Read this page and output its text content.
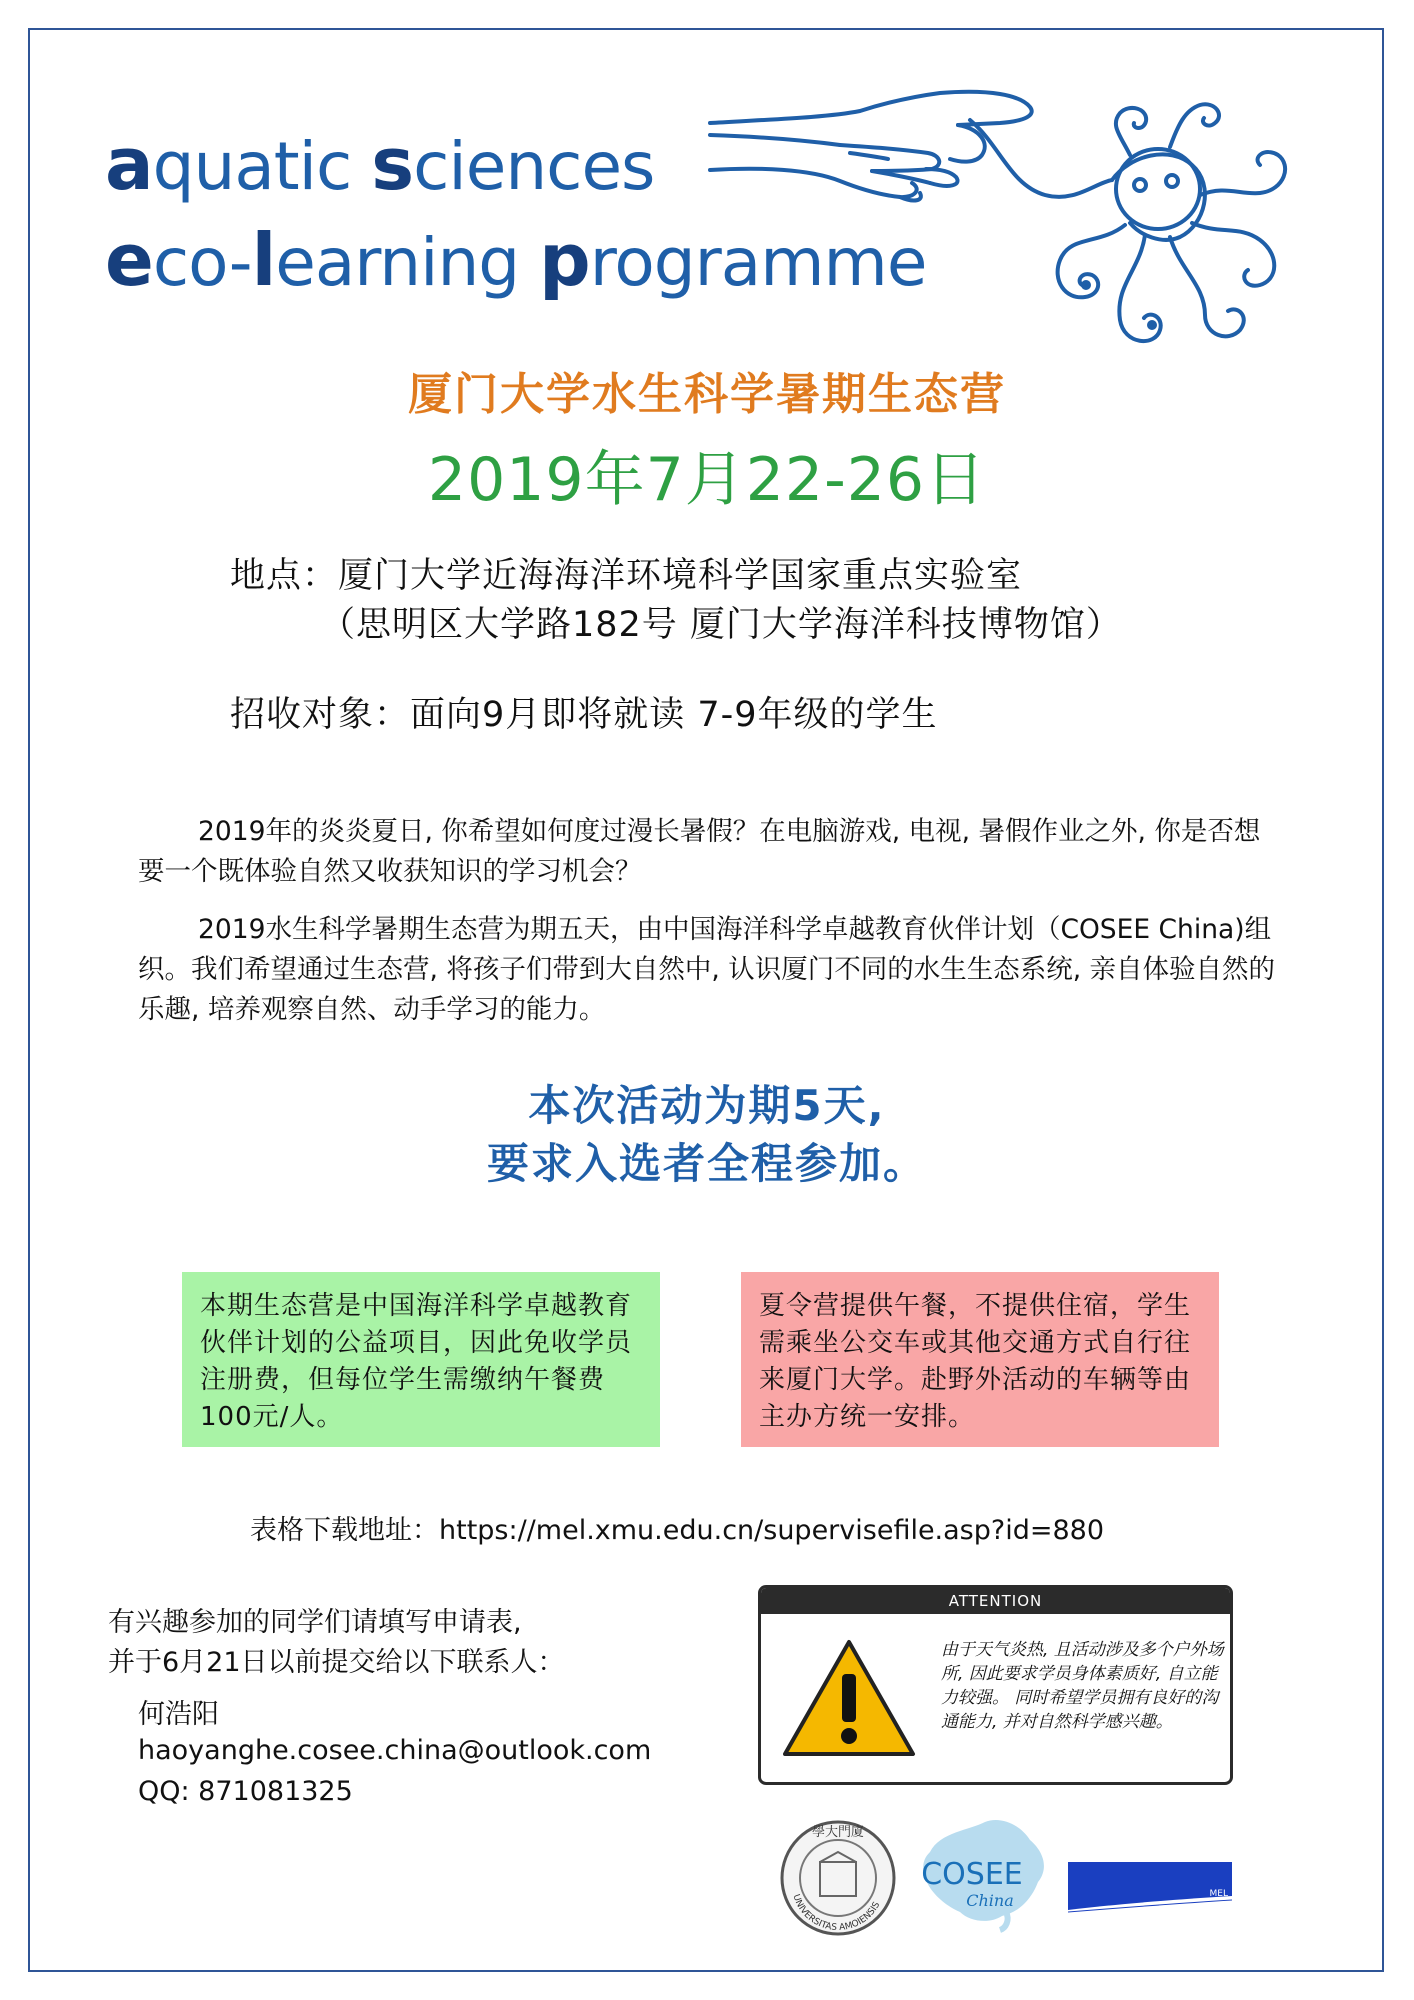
aquatic sciences
eco-learning programme
厦门大学水生科学暑期生态营
2019年7月22-26日
地点：厦门大学近海海洋环境科学国家重点实验室
（思明区大学路182号 厦门大学海洋科技博物馆）
招收对象：面向9月即将就读 7-9年级的学生

2019年的炎炎夏日, 你希望如何度过漫长暑假？在电脑游戏, 电视, 暑假作业之外, 你是否想要一个既体验自然又收获知识的学习机会？

2019水生科学暑期生态营为期五天，由中国海洋科学卓越教育伙伴计划（COSEE China)组织。我们希望通过生态营, 将孩子们带到大自然中, 认识厦门不同的水生生态系统, 亲自体验自然的乐趣, 培养观察自然、动手学习的能力。

本次活动为期5天,
要求入选者全程参加。
本期生态营是中国海洋科学卓越教育伙伴计划的公益项目，因此免收学员注册费，但每位学生需缴纳午餐费100元/人。
夏令营提供午餐，不提供住宿，学生需乘坐公交车或其他交通方式自行往来厦门大学。赴野外活动的车辆等由主办方统一安排。
表格下载地址：https://mel.xmu.edu.cn/supervisefile.asp?id=880
有兴趣参加的同学们请填写申请表,
并于6月21日以前提交给以下联系人：
何浩阳
haoyanghe.cosee.china@outlook.com
QQ: 871081325
ATTENTION
由于天气炎热, 且活动涉及多个户外场所, 因此要求学员身体素质好, 自立能力较强。 同时希望学员拥有良好的沟通能力, 并对自然科学感兴趣。
學大門廈
UNIVERSITAS AMOIENSIS
COSEE
China	MEL
